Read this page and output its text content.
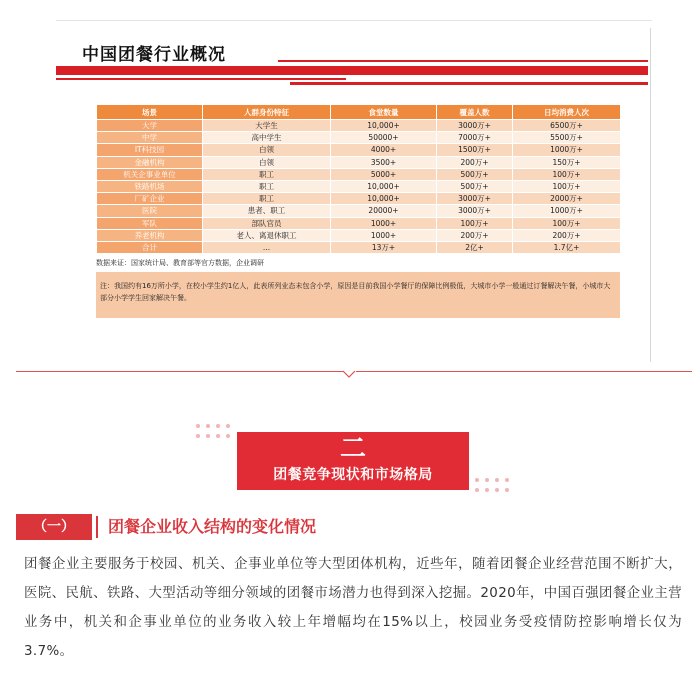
中国团餐行业概况
场景	人群身份特征	食堂数量	覆盖人数	日均消费人次
大学	大学生	10,000+	3000万+	6500万+
中学	高中学生	50000+	7000万+	5500万+
IT科技园	白领	4000+	1500万+	1000万+
金融机构	白领	3500+	200万+	150万+
机关企事业单位	职工	5000+	500万+	100万+
铁路机场	职工	10,000+	500万+	100万+
厂矿企业	职工	10,000+	3000万+	2000万+
医院	患者、职工	20000+	3000万+	1000万+
军队	部队官员	1000+	100万+	100万+
养老机构	老人、离退休职工	1000+	200万+	200万+
合计	...	13万+	2亿+	1.7亿+
数据来证：国家统计局、教育部等官方数据，企业调研
注：我国约有16万所小学，在校小学生约1亿人，此表所列业态未包含小学，原因是目前我国小学餐厅的保障比例极低，大城市小学一般通过订餐解决午餐，小城市大部分小学学生回家解决午餐。
二
团餐竞争现状和市场格局
（一）	团餐企业收入结构的变化情况
团餐企业主要服务于校园、机关、企事业单位等大型团体机构，近些年，随着团餐企业经营范围不断扩大，医院、民航、铁路、大型活动等细分领域的团餐市场潜力也得到深入挖掘。2020年，中国百强团餐企业主营业务中，机关和企事业单位的业务收入较上年增幅均在15%以上，校园业务受疫情防控影响增长仅为3.7%。
